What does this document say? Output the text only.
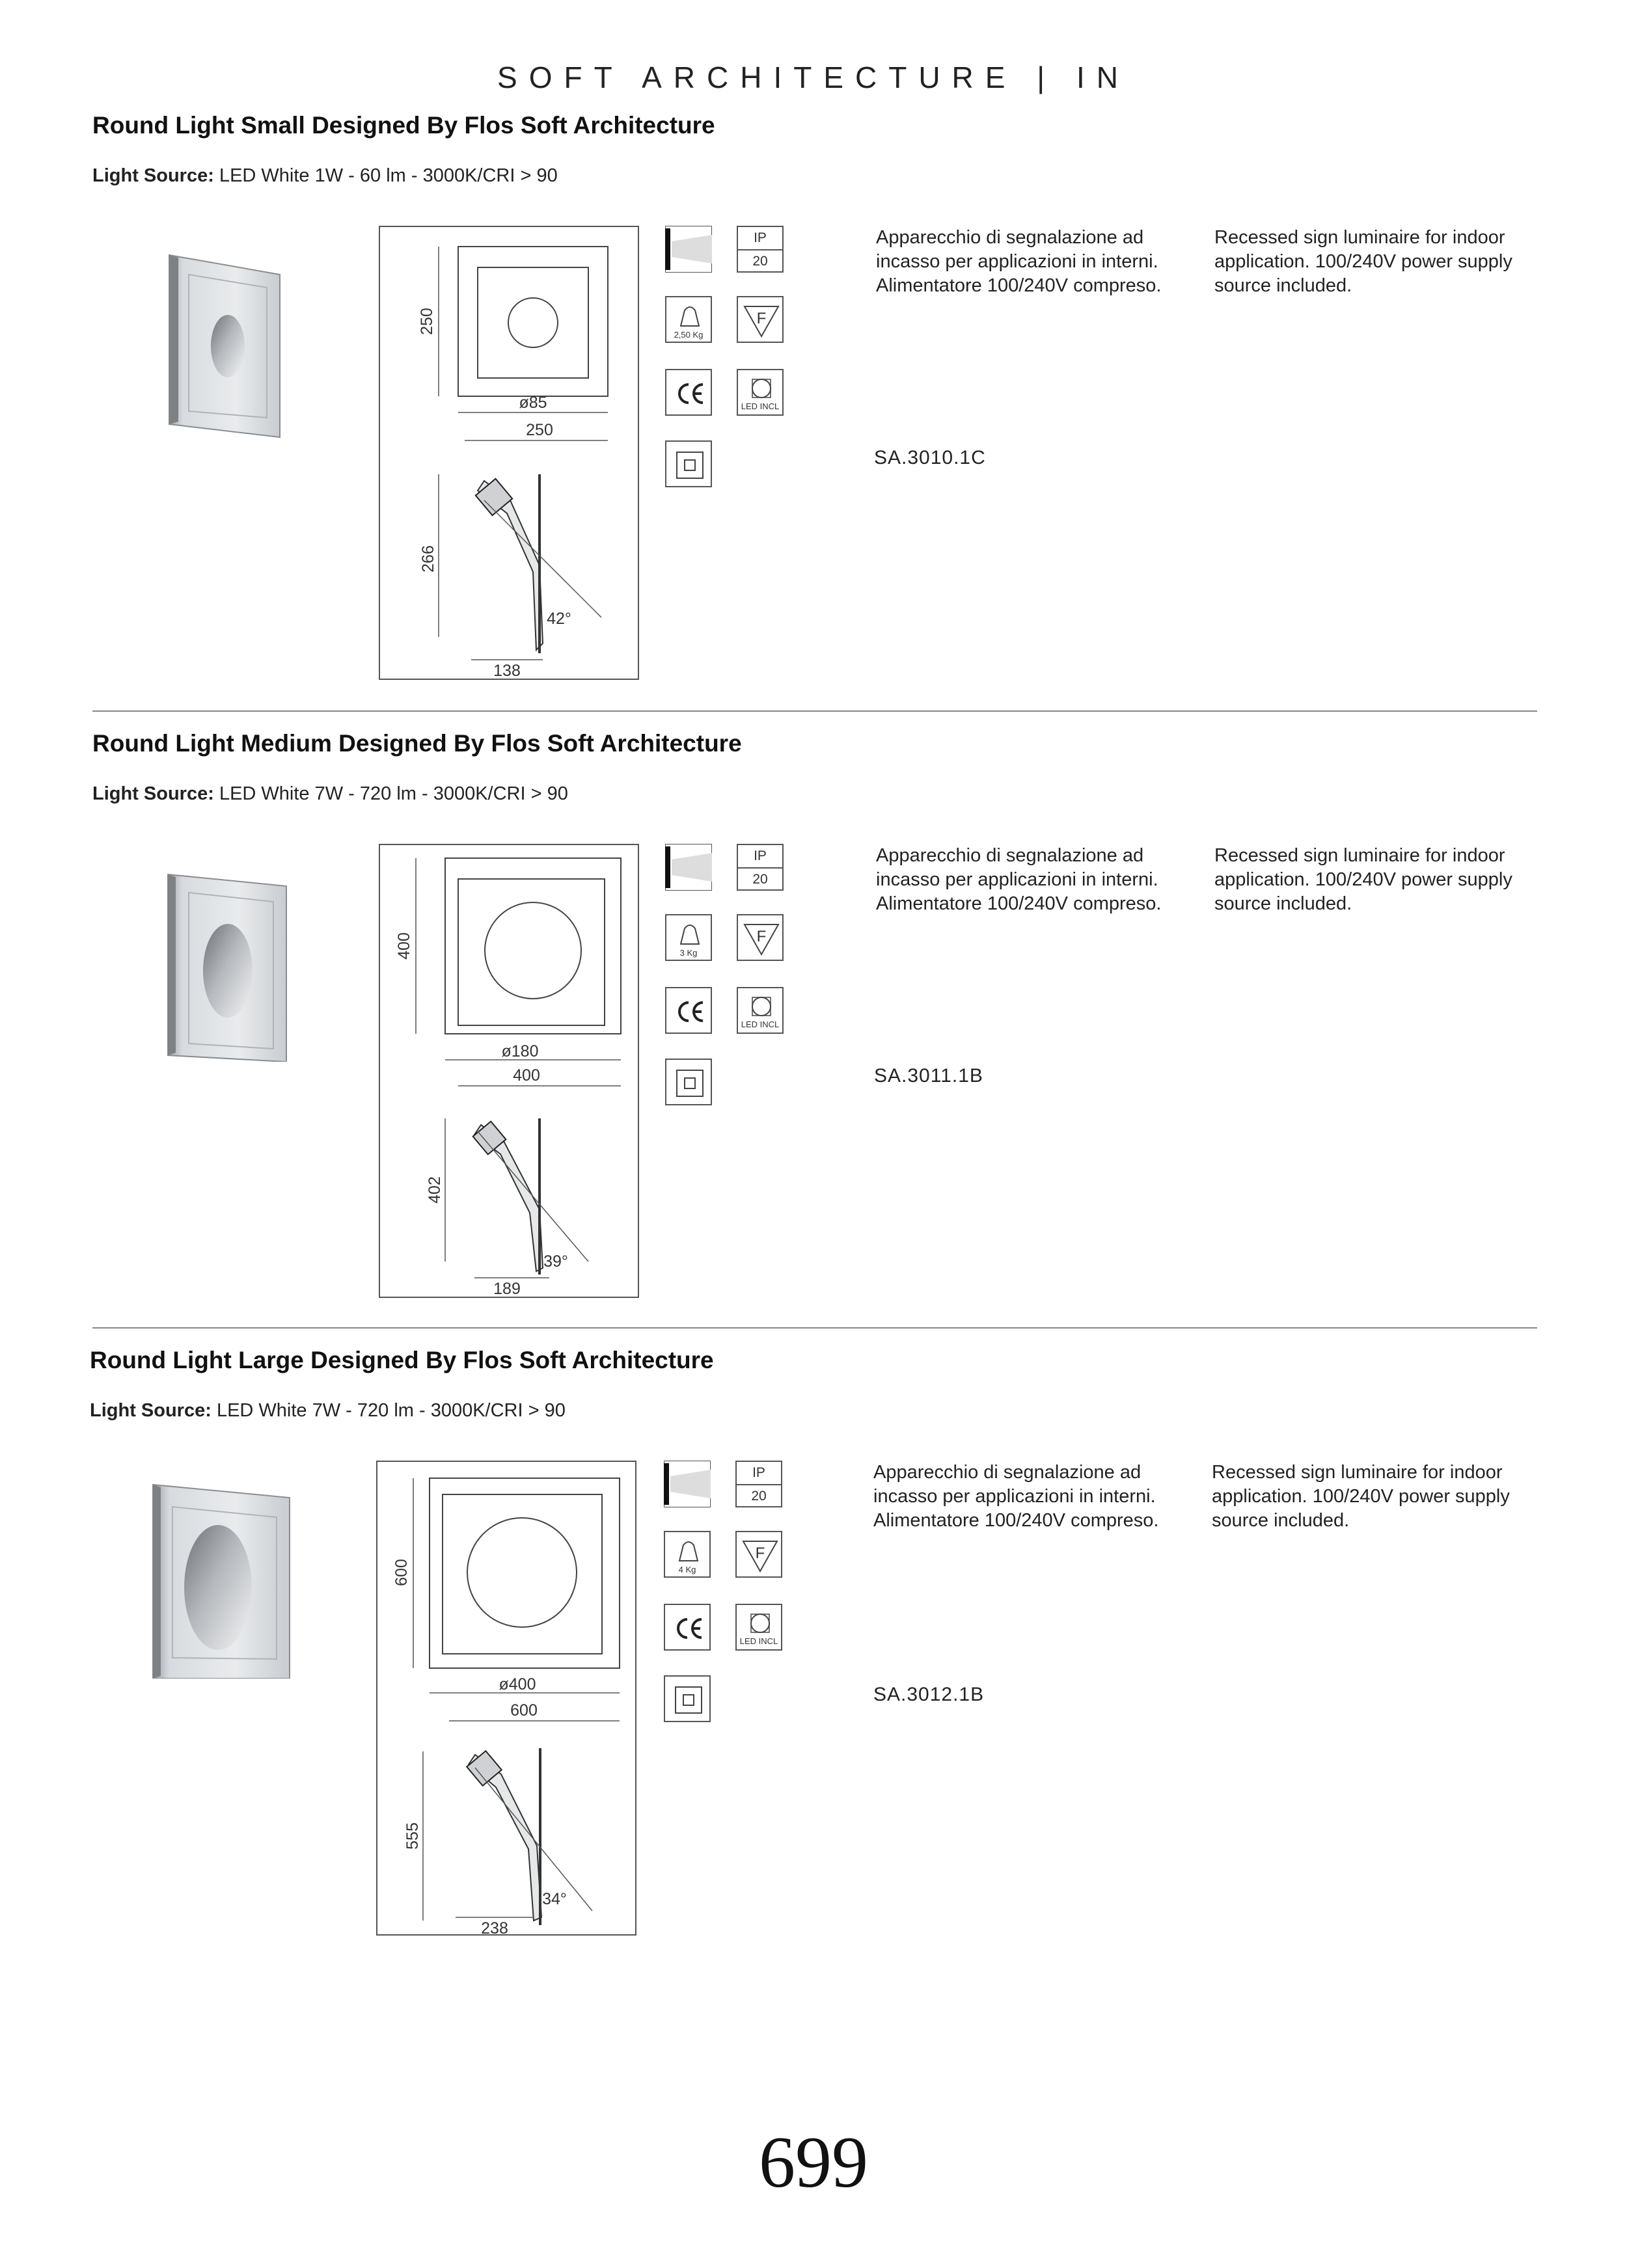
SOFT ARCHITECTURE | IN
Round Light Small Designed By Flos Soft Architecture
Light Source: LED White 1W - 60 lm - 3000K/CRI > 90
250
ø85
250
266
42°
138
IP
20
2,50 Kg
F
LED INCL
Apparecchio di segnalazione ad incasso per applicazioni in interni. Alimentatore 100/240V compreso.
Recessed sign luminaire for indoor application. 100/240V power supply source included.
SA.3010.1C
Round Light Medium Designed By Flos Soft Architecture
Light Source: LED White 7W - 720 lm - 3000K/CRI > 90
400
ø180
400
402
39°
189
IP
20
3 Kg
F
LED INCL
Apparecchio di segnalazione ad incasso per applicazioni in interni. Alimentatore 100/240V compreso.
Recessed sign luminaire for indoor application. 100/240V power supply source included.
SA.3011.1B
Round Light Large Designed By Flos Soft Architecture
Light Source: LED White 7W - 720 lm - 3000K/CRI > 90
600
ø400
600
555
34°
238
IP
20
4 Kg
F
LED INCL
Apparecchio di segnalazione ad incasso per applicazioni in interni. Alimentatore 100/240V compreso.
Recessed sign luminaire for indoor application. 100/240V power supply source included.
SA.3012.1B
699
